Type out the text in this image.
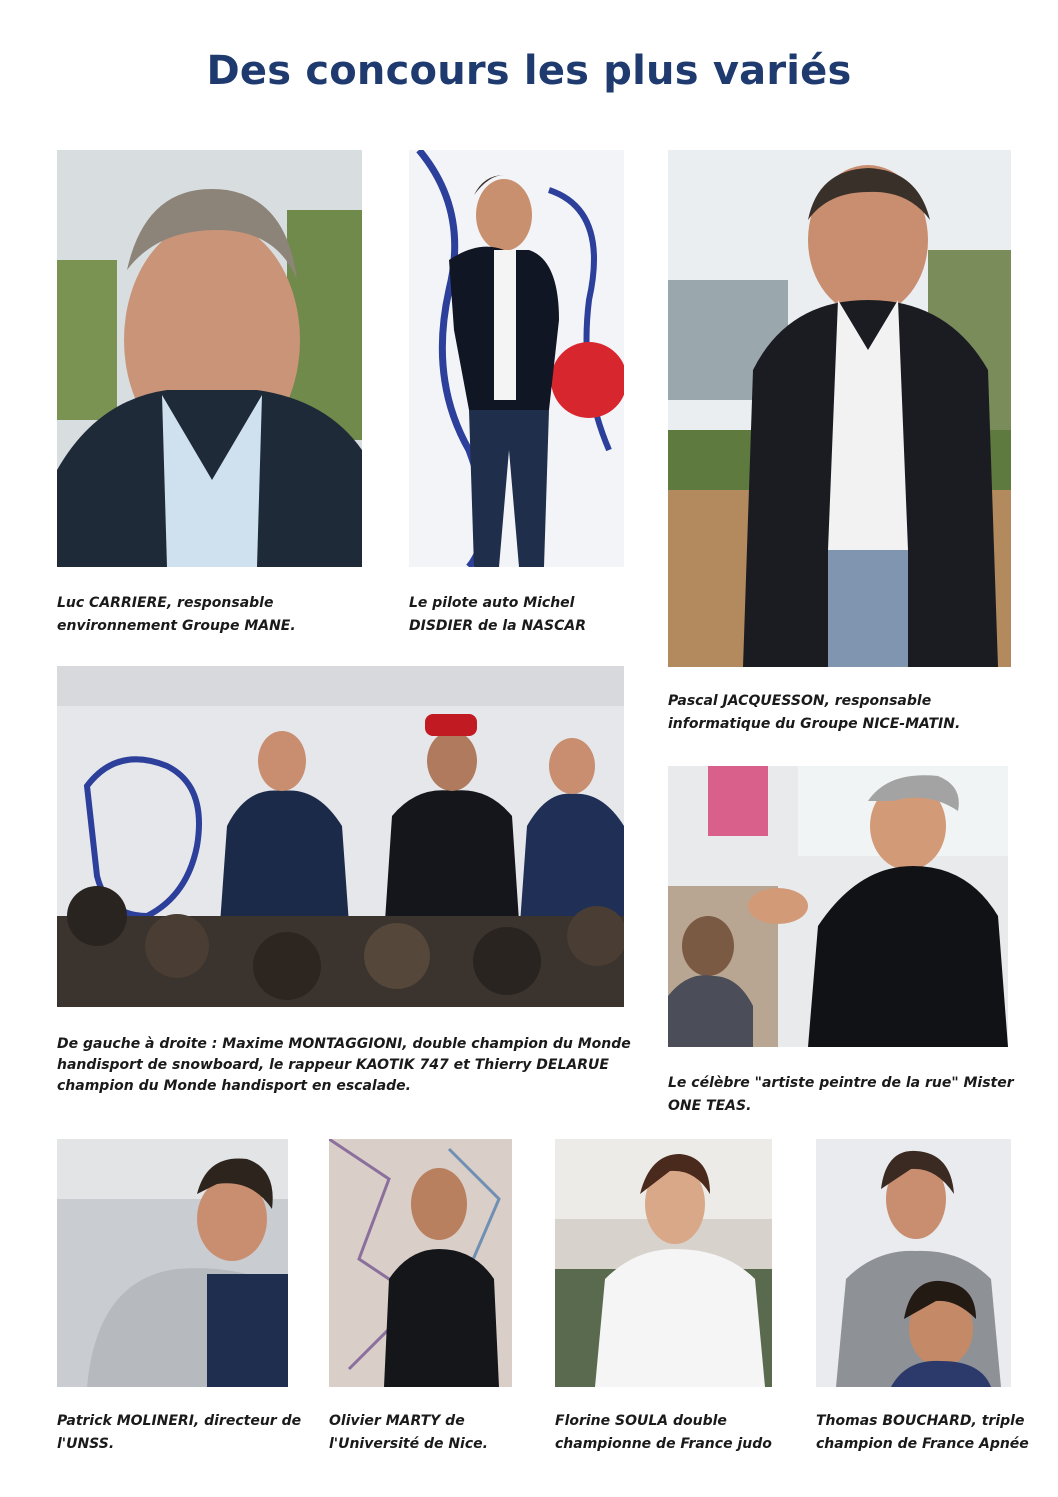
Des concours les plus variés
Luc CARRIERE, responsable
environnement Groupe MANE.
Le pilote auto Michel
DISDIER de la NASCAR
Pascal JACQUESSON, responsable
informatique du Groupe NICE-MATIN.
De gauche à droite : Maxime MONTAGGIONI, double champion du Monde
handisport de snowboard, le rappeur KAOTIK 747 et Thierry DELARUE
champion du Monde handisport en escalade.	Le célèbre "artiste peintre de la rue" Mister
ONE TEAS.
Patrick MOLINERI, directeur de
l'UNSS.
Olivier MARTY de
l'Université de Nice.
Florine SOULA double
championne de France judo
Thomas BOUCHARD, triple
champion de France Apnée
